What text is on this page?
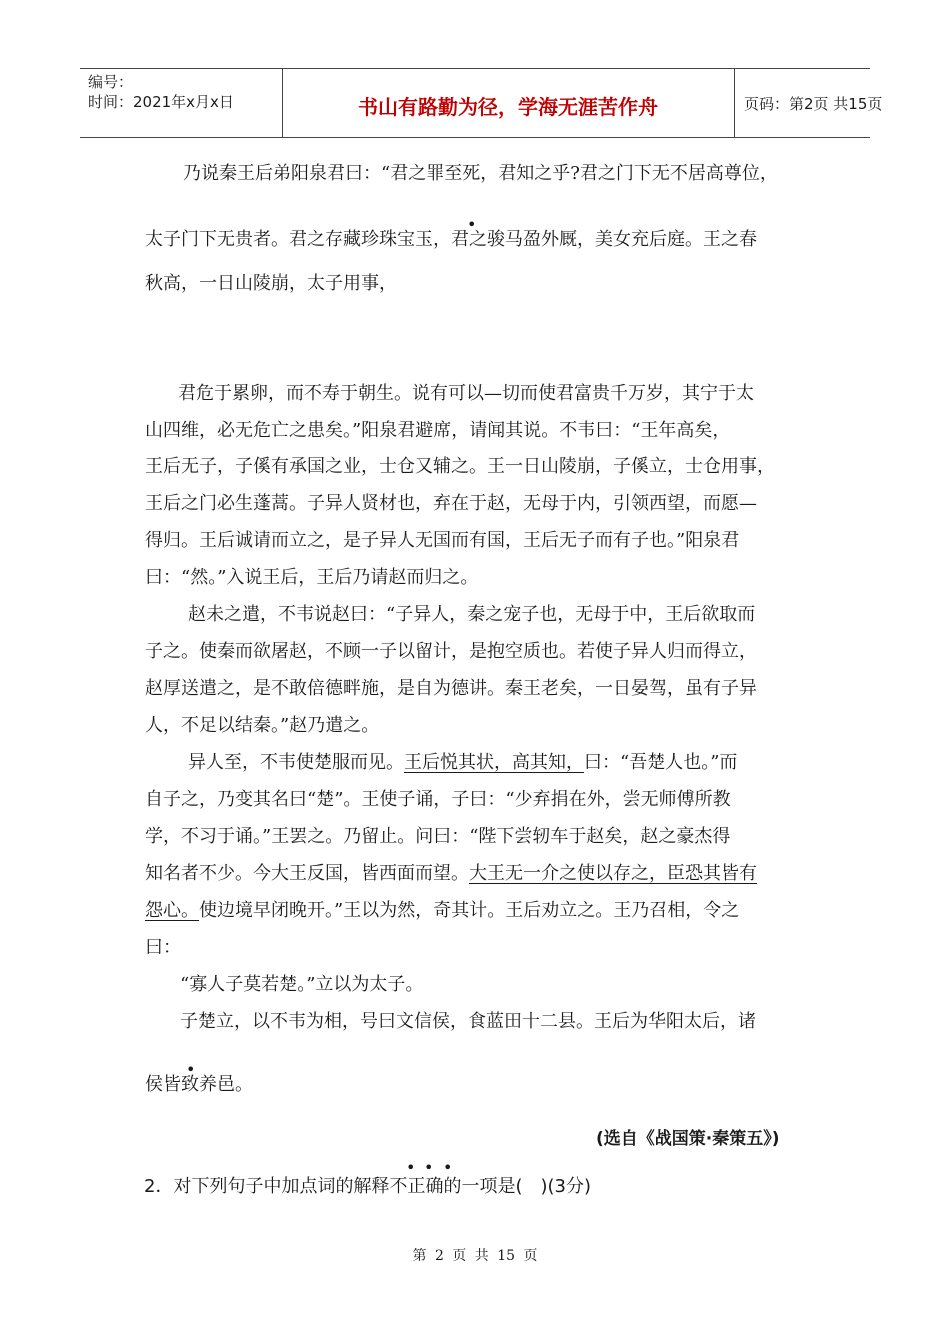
编号：
时间：2021年x月x日	书山有路勤为径，学海无涯苦作舟	页码：第2页 共15页
乃说秦王后弟阳泉君曰：“君之罪至死，君知之乎?君之门下无不居高尊位，
•
太子门下无贵者。君之存藏珍珠宝玉，君之骏马盈外厩，美女充后庭。王之春
秋高，一日山陵崩，太子用事，
君危于累卵，而不寿于朝生。说有可以—切而使君富贵千万岁，其宁于太
山四维，必无危亡之患矣。”阳泉君避席，请闻其说。不韦曰：“王年高矣，
王后无子，子傒有承国之业，士仓又辅之。王一日山陵崩，子傒立，士仓用事，
王后之门必生蓬蒿。子异人贤材也，弃在于赵，无母于内，引领西望，而愿—
得归。王后诚请而立之，是子异人无国而有国，王后无子而有子也。”阳泉君
曰：“然。”入说王后，王后乃请赵而归之。
赵未之遣，不韦说赵曰：“子异人，秦之宠子也，无母于中，王后欲取而
子之。使秦而欲屠赵，不顾一子以留计，是抱空质也。若使子异人归而得立，
赵厚送遣之，是不敢倍德畔施，是自为德讲。秦王老矣，一日晏驾，虽有子异
人，不足以结秦。”赵乃遣之。
异人至，不韦使楚服而见。王后悦其状，高其知，曰：“吾楚人也。”而
自子之，乃变其名曰“楚”。王使子诵，子曰：“少弃捐在外，尝无师傅所教
学，不习于诵。”王罢之。乃留止。问曰：“陛下尝轫车于赵矣，赵之豪杰得
知名者不少。今大王反国，皆西面而望。大王无一介之使以存之，臣恐其皆有
怨心。使边境早闭晚开。”王以为然，奇其计。王后劝立之。王乃召相，令之
曰：
“寡人子莫若楚。”立以为太子。
子楚立，以不韦为相，号曰文信侯，食蓝田十二县。王后为华阳太后，诸
•
侯皆致养邑。
(选自《战国策·秦策五》)
• • •
2．对下列句子中加点词的解释不正确的一项是(　)(3分)
第 2 页 共 15 页
